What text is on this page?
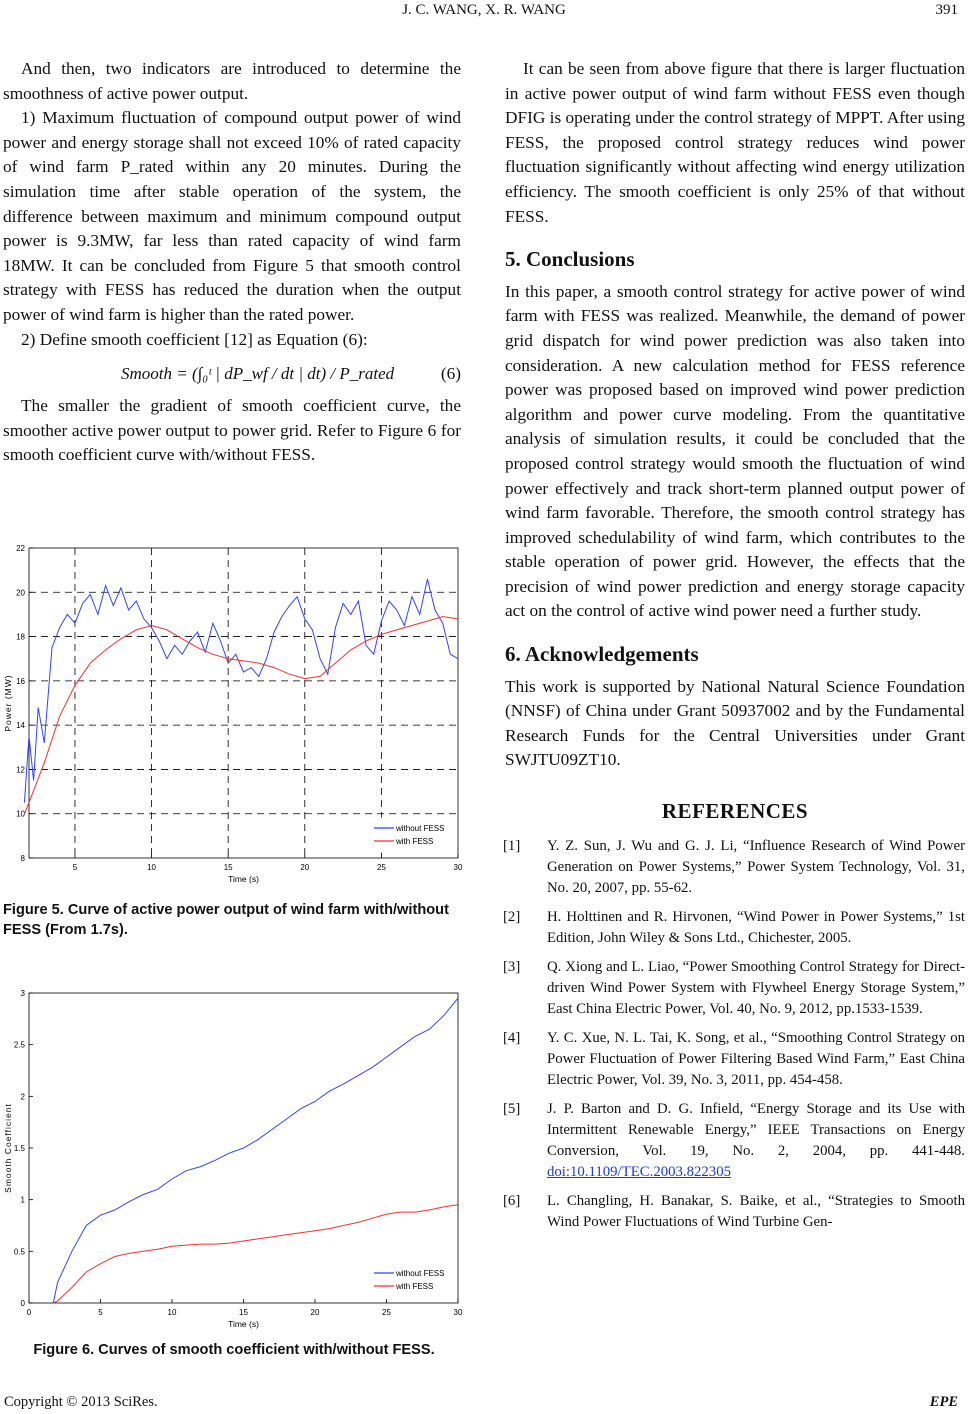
J. C. WANG, X. R. WANG	391

And then, two indicators are introduced to determine the smoothness of active power output.

1) Maximum fluctuation of compound output power of wind power and energy storage shall not exceed 10% of rated capacity of wind farm P_rated within any 20 minutes. During the simulation time after stable operation of the system, the difference between maximum and minimum compound output power is 9.3MW, far less than rated capacity of wind farm 18MW. It can be concluded from Figure 5 that smooth control strategy with FESS has reduced the duration when the output power of wind farm is higher than the rated power.

2) Define smooth coefficient [12] as Equation (6):

Smooth = (∫₀ᵗ | dP_wf / dt | dt) / P_rated	(6)

The smaller the gradient of smooth coefficient curve, the smoother active power output to power grid. Refer to Figure 6 for smooth coefficient curve with/without FESS.

5	10	15	20	25	30
8
10
12
14
16
18
20
22
Time (s)
Power (MW)
without FESS
with FESS
Figure 5. Curve of active power output of wind farm with/without FESS (From 1.7s).
0	5	10	15	20	25	30
0
0.5
1
1.5
2
2.5
3
Time (s)
Smooth Coefficient
without FESS
with FESS
Figure 6. Curves of smooth coefficient with/without FESS.

It can be seen from above figure that there is larger fluctuation in active power output of wind farm without FESS even though DFIG is operating under the control strategy of MPPT. After using FESS, the proposed control strategy reduces wind power fluctuation significantly without affecting wind energy utilization efficiency. The smooth coefficient is only 25% of that without FESS.

5. Conclusions

In this paper, a smooth control strategy for active power of wind farm with FESS was realized. Meanwhile, the demand of power grid dispatch for wind power prediction was also taken into consideration. A new calculation method for FESS reference power was proposed based on improved wind power prediction algorithm and power curve modeling. From the quantitative analysis of simulation results, it could be concluded that the proposed control strategy would smooth the fluctuation of wind power effectively and track short-term planned output power of wind farm favorable. Therefore, the smooth control strategy has improved schedulability of wind farm, which contributes to the stable operation of power grid. However, the effects that the precision of wind power prediction and energy storage capacity act on the control of active wind power need a further study.

6. Acknowledgements

This work is supported by National Natural Science Foundation (NNSF) of China under Grant 50937002 and by the Fundamental Research Funds for the Central Universities under Grant SWJTU09ZT10.

REFERENCES
[1] Y. Z. Sun, J. Wu and G. J. Li, “Influence Research of Wind Power Generation on Power Systems,” Power System Technology, Vol. 31, No. 20, 2007, pp. 55-62.
[2] H. Holttinen and R. Hirvonen, “Wind Power in Power Systems,” 1st Edition, John Wiley & Sons Ltd., Chichester, 2005.
[3] Q. Xiong and L. Liao, “Power Smoothing Control Strategy for Direct-driven Wind Power System with Flywheel Energy Storage System,” East China Electric Power, Vol. 40, No. 9, 2012, pp.1533-1539.
[4] Y. C. Xue, N. L. Tai, K. Song, et al., “Smoothing Control Strategy on Power Fluctuation of Power Filtering Based Wind Farm,” East China Electric Power, Vol. 39, No. 3, 2011, pp. 454-458.
[5] J. P. Barton and D. G. Infield, “Energy Storage and its Use with Intermittent Renewable Energy,” IEEE Transactions on Energy Conversion, Vol. 19, No. 2, 2004, pp. 441-448. doi:10.1109/TEC.2003.822305
[6] L. Changling, H. Banakar, S. Baike, et al., “Strategies to Smooth Wind Power Fluctuations of Wind Turbine Gen-
Copyright © 2013 SciRes.	EPE
